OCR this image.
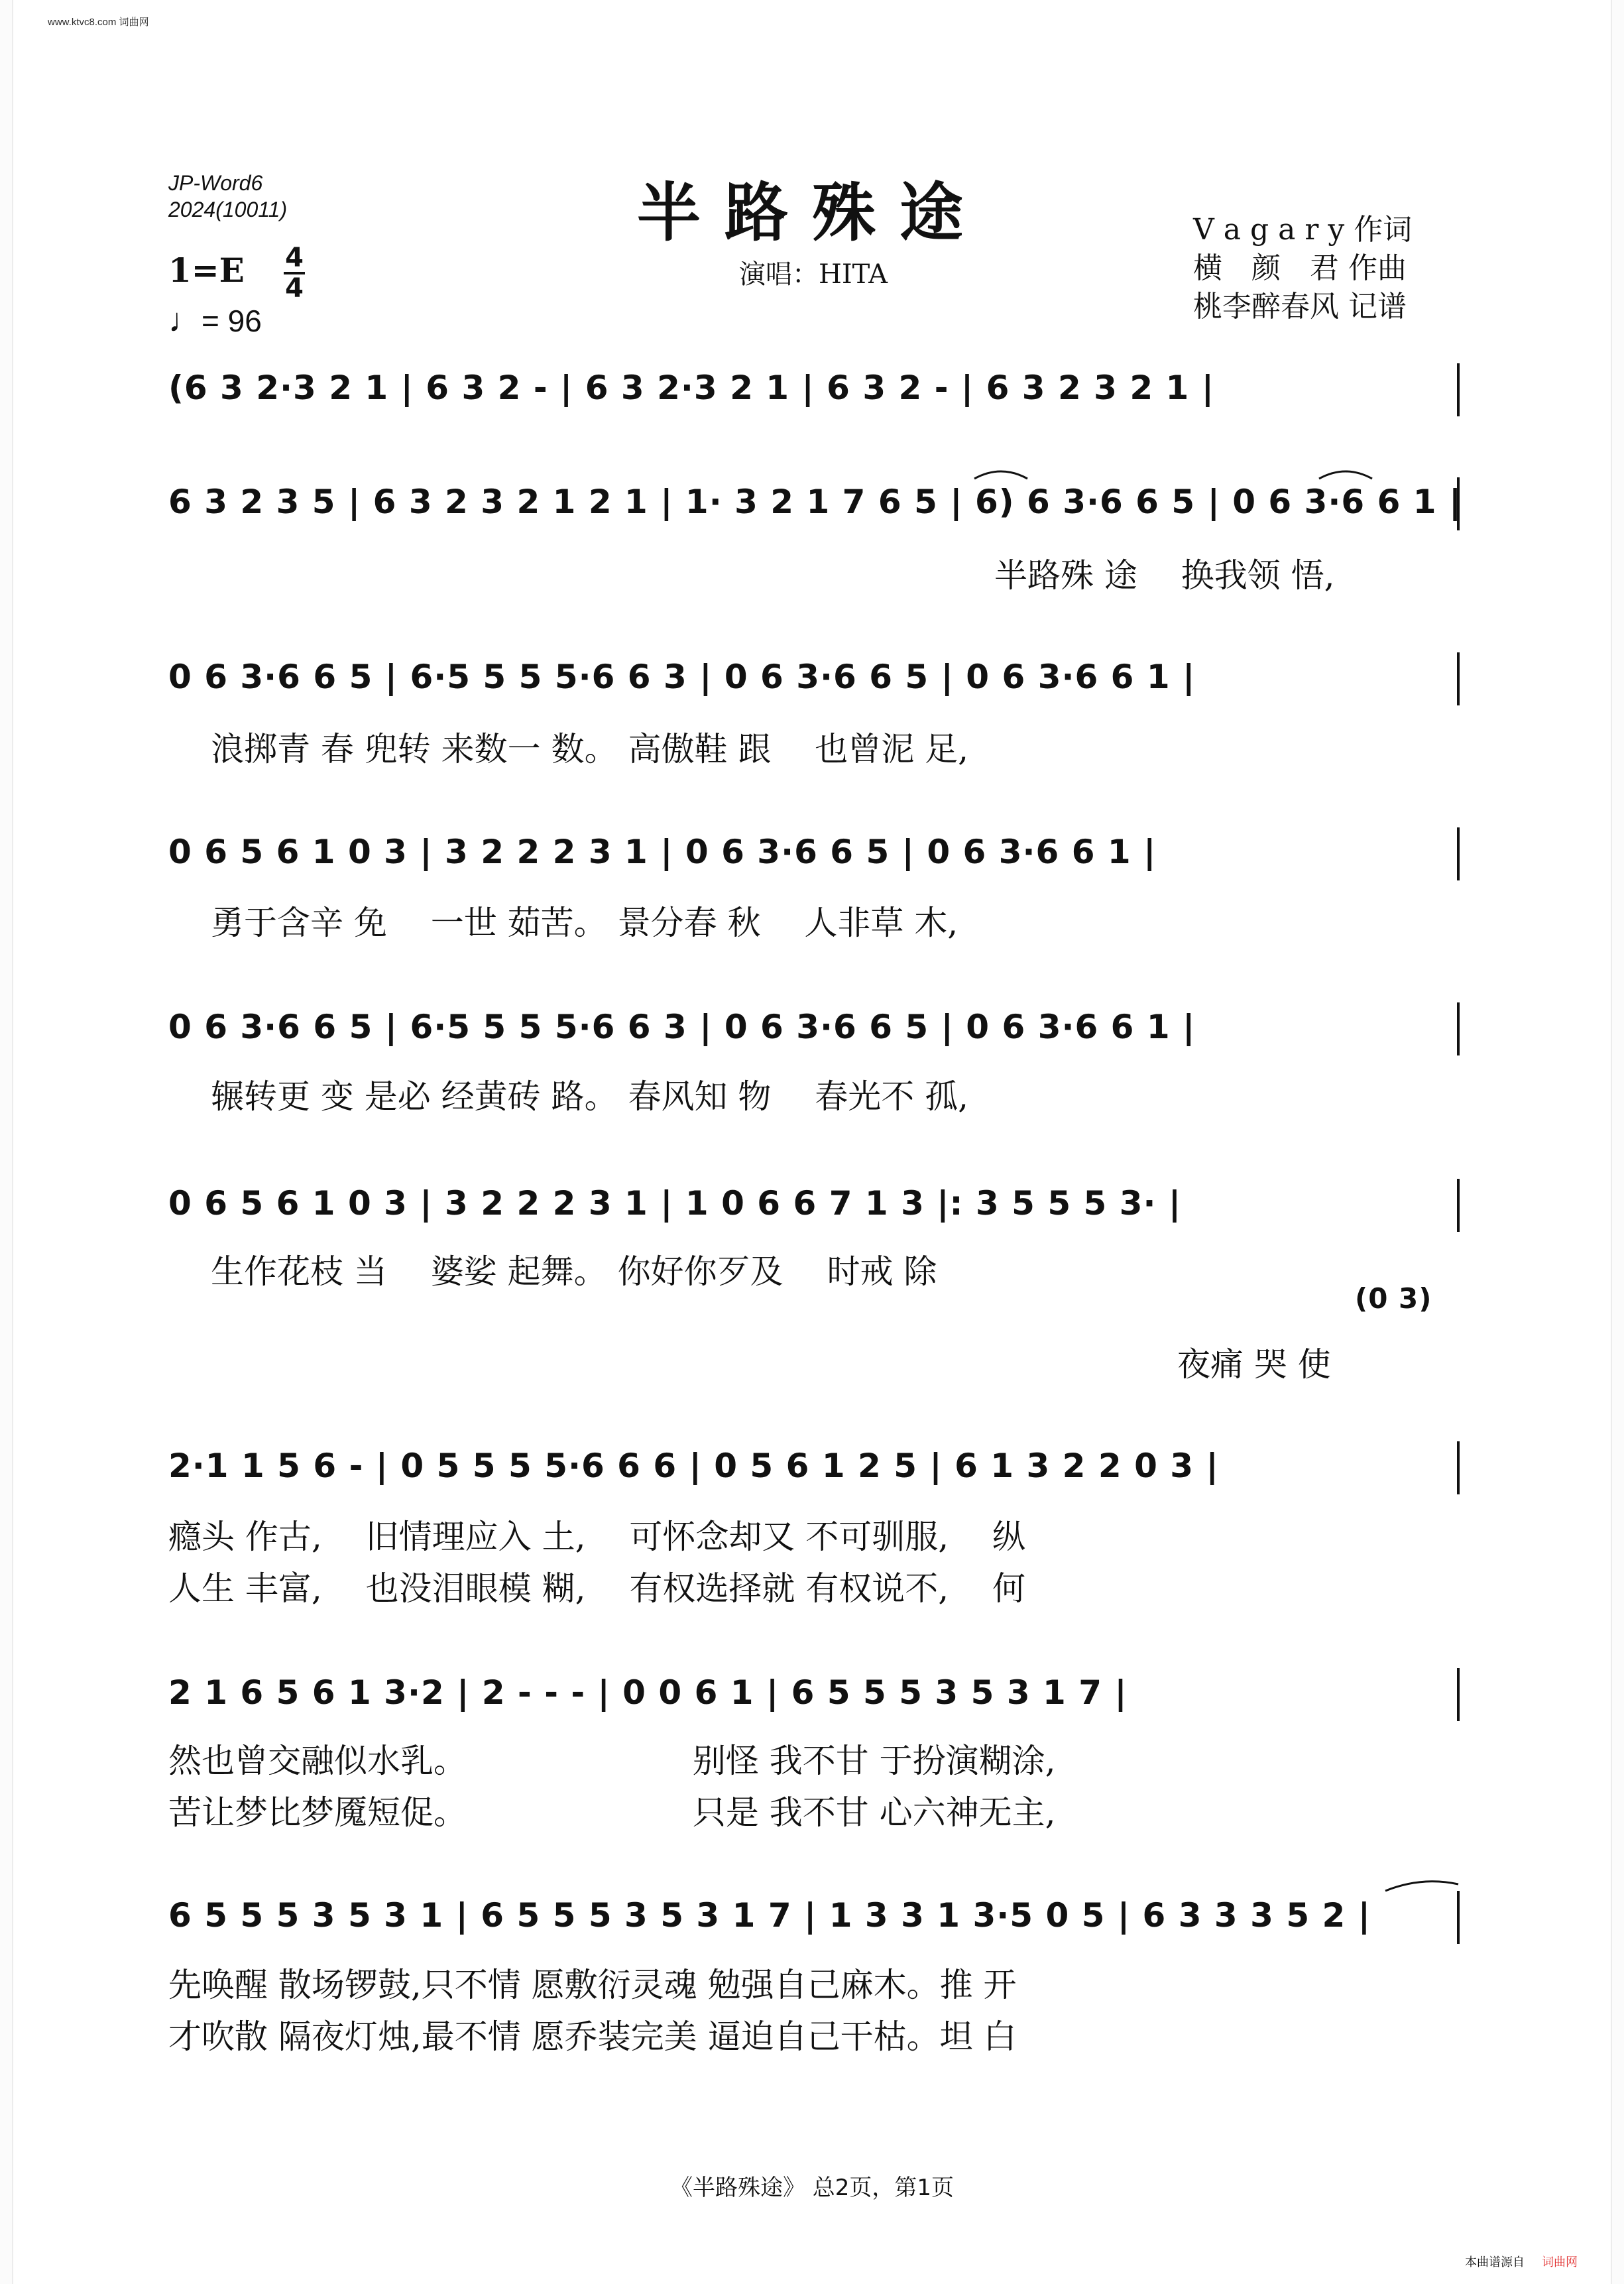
www.ktvc8.com 词曲网
JP-Word6
2024(10011)	半路殊途
演唱：HITA
V a g a r y 作词
横　颜　君 作曲
桃李醉春风 记谱
1=E 4
4
♩= 96
(6 3 2·3 2 1 | 6 3 2 - | 6 3 2·3 2 1 | 6 3 2 - | 6 3 2 3 2 1 |
6 3 2 3 5 | 6 3 2 3 2 1 2 1 | 1· 3 2 1 7 6 5 | 6) 6 3·6 6 5 | 0 6 3·6 6 1 |
半路殊 途　 换我领 悟,
0 6 3·6 6 5 | 6·5 5 5 5·6 6 3 | 0 6 3·6 6 5 | 0 6 3·6 6 1 |
浪掷青 春 兜转 来数一 数。 高傲鞋 跟　 也曾泥 足,
0 6 5 6 1 0 3 | 3 2 2 2 3 1 | 0 6 3·6 6 5 | 0 6 3·6 6 1 |
勇于含辛 免　 一世 茹苦。 景分春 秋　 人非草 木,
0 6 3·6 6 5 | 6·5 5 5 5·6 6 3 | 0 6 3·6 6 5 | 0 6 3·6 6 1 |
辗转更 变 是必 经黄砖 路。 春风知 物　 春光不 孤,
0 6 5 6 1 0 3 | 3 2 2 2 3 1 | 1 0 6 6 7 1 3 |: 3 5 5 5 3· |
生作花枝 当　 婆娑 起舞。 你好你歹及　 时戒 除
(0 3)
夜痛 哭 使
2·1 1 5 6 - | 0 5 5 5 5·6 6 6 | 0 5 6 1 2 5 | 6 1 3 2 2 0 3 |
瘾头 作古,　 旧情理应入 土,　 可怀念却又 不可驯服,　 纵
人生 丰富,　 也没泪眼模 糊,　 有权选择就 有权说不,　 何
2 1 6 5 6 1 3·2 | 2 - - - | 0 0 6 1 | 6 5 5 5 3 5 3 1 7 |
然也曾交融似水乳。　　　　　　　 别怪 我不甘 于扮演糊涂,
苦让梦比梦魇短促。　　　　　　　 只是 我不甘 心六神无主,
6 5 5 5 3 5 3 1 | 6 5 5 5 3 5 3 1 7 | 1 3 3 1 3·5 0 5 | 6 3 3 3 5 2 |
先唤醒 散场锣鼓,只不情 愿敷衍灵魂 勉强自己麻木。推 开
才吹散 隔夜灯烛,最不情 愿乔装完美 逼迫自己干枯。坦 白
《半路殊途》 总2页，第1页
本曲谱源自 词曲网
